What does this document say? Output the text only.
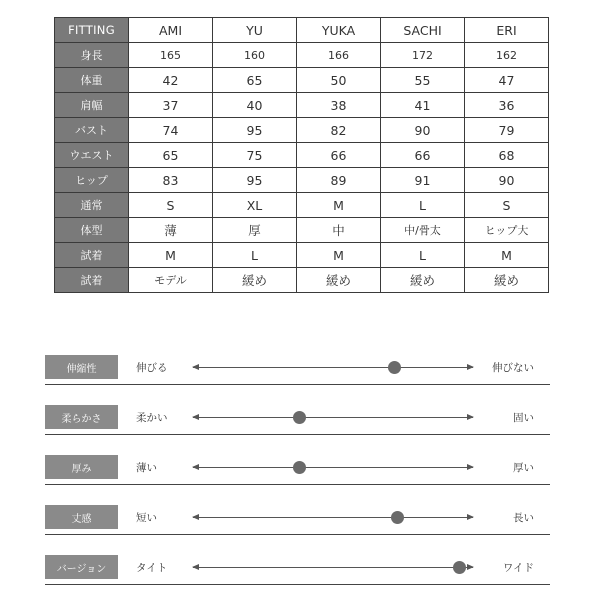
FITTING	AMI	YU	YUKA	SACHI	ERI
身長	165	160	166	172	162
体重	42	65	50	55	47
肩幅	37	40	38	41	36
バスト	74	95	82	90	79
ウエスト	65	75	66	66	68
ヒップ	83	95	89	91	90
通常	S	XL	M	L	S
体型	薄	厚	中	中/骨太	ヒップ大
試着	M	L	M	L	M
試着	モデル	緩め	緩め	緩め	緩め
伸縮性	伸びる	伸びない
柔らかさ	柔かい	固い
厚み	薄い	厚い
丈感	短い	長い
バージョン	タイト	ワイド
